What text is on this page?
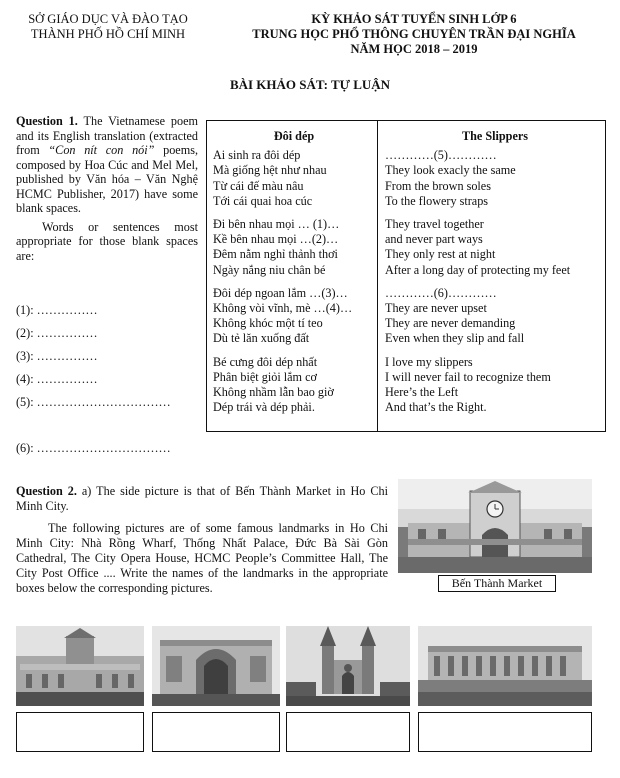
SỞ GIÁO DỤC VÀ ĐÀO TẠO
THÀNH PHỐ HỒ CHÍ MINH
KỲ KHẢO SÁT TUYỂN SINH LỚP 6
TRUNG HỌC PHỔ THÔNG CHUYÊN TRẦN ĐẠI NGHĨA
NĂM HỌC 2018 – 2019
BÀI KHẢO SÁT: TỰ LUẬN

Question 1. The Vietnamese poem and its English translation (extracted from “Con nít con nói” poems, composed by Hoa Cúc and Mel Mel, published by Văn hóa – Văn Nghệ HCMC Publisher, 2017) have some blank spaces.

Words or sentences most appropriate for those blank spaces are:

(1): ……………
(2): ……………
(3): ……………
(4): ……………
(5): ……………………………
(6): ……………………………
Đôi dép
Ai sinh ra đôi dép
Mà giống hệt như nhau
Từ cái đế màu nâu
Tới cái quai hoa cúc
Đi bên nhau mọi … (1)…
Kề bên nhau mọi …(2)…
Đêm nằm nghỉ thảnh thơi
Ngày nắng niu chân bé
Đôi dép ngoan lắm …(3)…
Không vòi vĩnh, mè …(4)…
Không khóc một tí teo
Dù tẻ lăn xuống đất
Bé cưng đôi dép nhất
Phân biệt giỏi lắm cơ
Không nhầm lẫn bao giờ
Dép trái và dép phải.
The Slippers
…………(5)…………
They look exacly the same
From the brown soles
To the flowery straps
They travel together
and never part ways
They only rest at night
After a long day of protecting my feet
…………(6)…………
They are never upset
They are never demanding
Even when they slip and fall
I love my slippers
I will never fail to recognize them
Here’s the Left
And that’s the Right.

Question 2. a) The side picture is that of Bến Thành Market in Ho Chi Minh City.

The following pictures are of some famous landmarks in Ho Chi Minh City: Nhà Rồng Wharf, Thống Nhất Palace, Đức Bà Sài Gòn Cathedral, The City Opera House, HCMC People’s Committee Hall, The City Post Office .... Write the names of the landmarks in the appropriate boxes below the corresponding pictures.	Bến Thành Market
